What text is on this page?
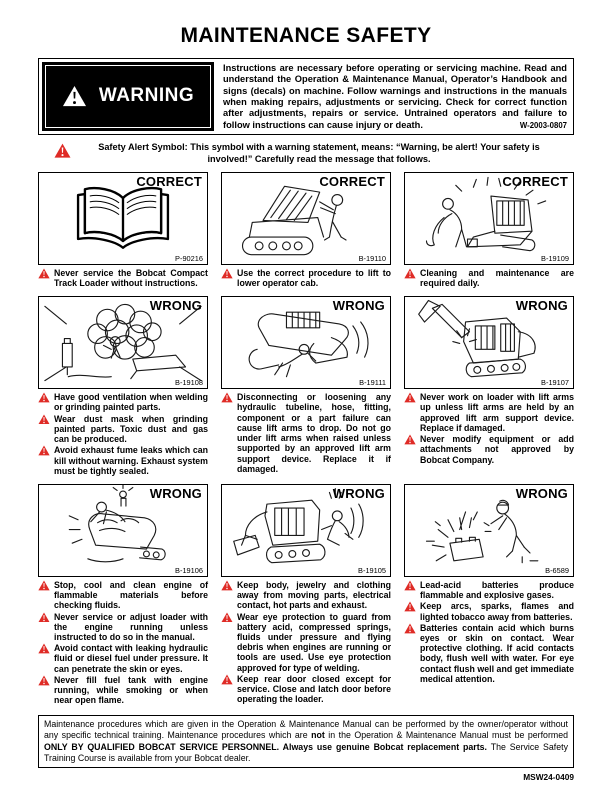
MAINTENANCE SAFETY
WARNING
Instructions are necessary before operating or servicing machine. Read and understand the Operation & Maintenance Manual, Operator’s Handbook and signs (decals) on machine. Follow warnings and instructions in the manuals when making repairs, adjustments or servicing. Check for correct function after adjustments, repairs or service. Untrained operators and failure to follow instructions can cause injury or death.	W-2003-0807
Safety Alert Symbol: This symbol with a warning statement, means: “Warning, be alert! Your safety is involved!” Carefully read the message that follows.
CORRECT
P-90216
Never service the Bobcat Compact Track Loader without instructions.
CORRECT
B-19110
Use the correct procedure to lift to lower operator cab.
CORRECT
B-19109
Cleaning and maintenance are required daily.
WRONG
B-19108
Have good ventilation when welding or grinding painted parts.
Wear dust mask when grinding painted parts. Toxic dust and gas can be produced.
Avoid exhaust fume leaks which can kill without warning. Exhaust system must be tightly sealed.
WRONG
B-19111
Disconnecting or loosening any hydraulic tubeline, hose, fitting, component or a part failure can cause lift arms to drop. Do not go under lift arms when raised unless supported by an approved lift arm support device. Replace it if damaged.
WRONG
B-19107
Never work on loader with lift arms up unless lift arms are held by an approved lift arm support device. Replace if damaged.
Never modify equipment or add attachments not approved by Bobcat Company.
WRONG
B-19106
Stop, cool and clean engine of flammable materials before checking fluids.
Never service or adjust loader with the engine running unless instructed to do so in the manual.
Avoid contact with leaking hydraulic fluid or diesel fuel under pressure. It can penetrate the skin or eyes.
Never fill fuel tank with engine running, while smoking or when near open flame.
WRONG
B-19105
Keep body, jewelry and clothing away from moving parts, electrical contact, hot parts and exhaust.
Wear eye protection to guard from battery acid, compressed springs, fluids under pressure and flying debris when engines are running or tools are used. Use eye protection approved for type of welding.
Keep rear door closed except for service. Close and latch door before operating the loader.
WRONG
B-6589
Lead-acid batteries produce flammable and explosive gases.
Keep arcs, sparks, flames and lighted tobacco away from batteries.
Batteries contain acid which burns eyes or skin on contact. Wear protective clothing. If acid contacts body, flush well with water. For eye contact flush well and get immediate medical attention.
Maintenance procedures which are given in the Operation & Maintenance Manual can be performed by the owner/operator without any specific technical training. Maintenance procedures which are not in the Operation & Maintenance Manual must be performed ONLY BY QUALIFIED BOBCAT SERVICE PERSONNEL. Always use genuine Bobcat replacement parts. The Service Safety Training Course is available from your Bobcat dealer.
MSW24-0409
